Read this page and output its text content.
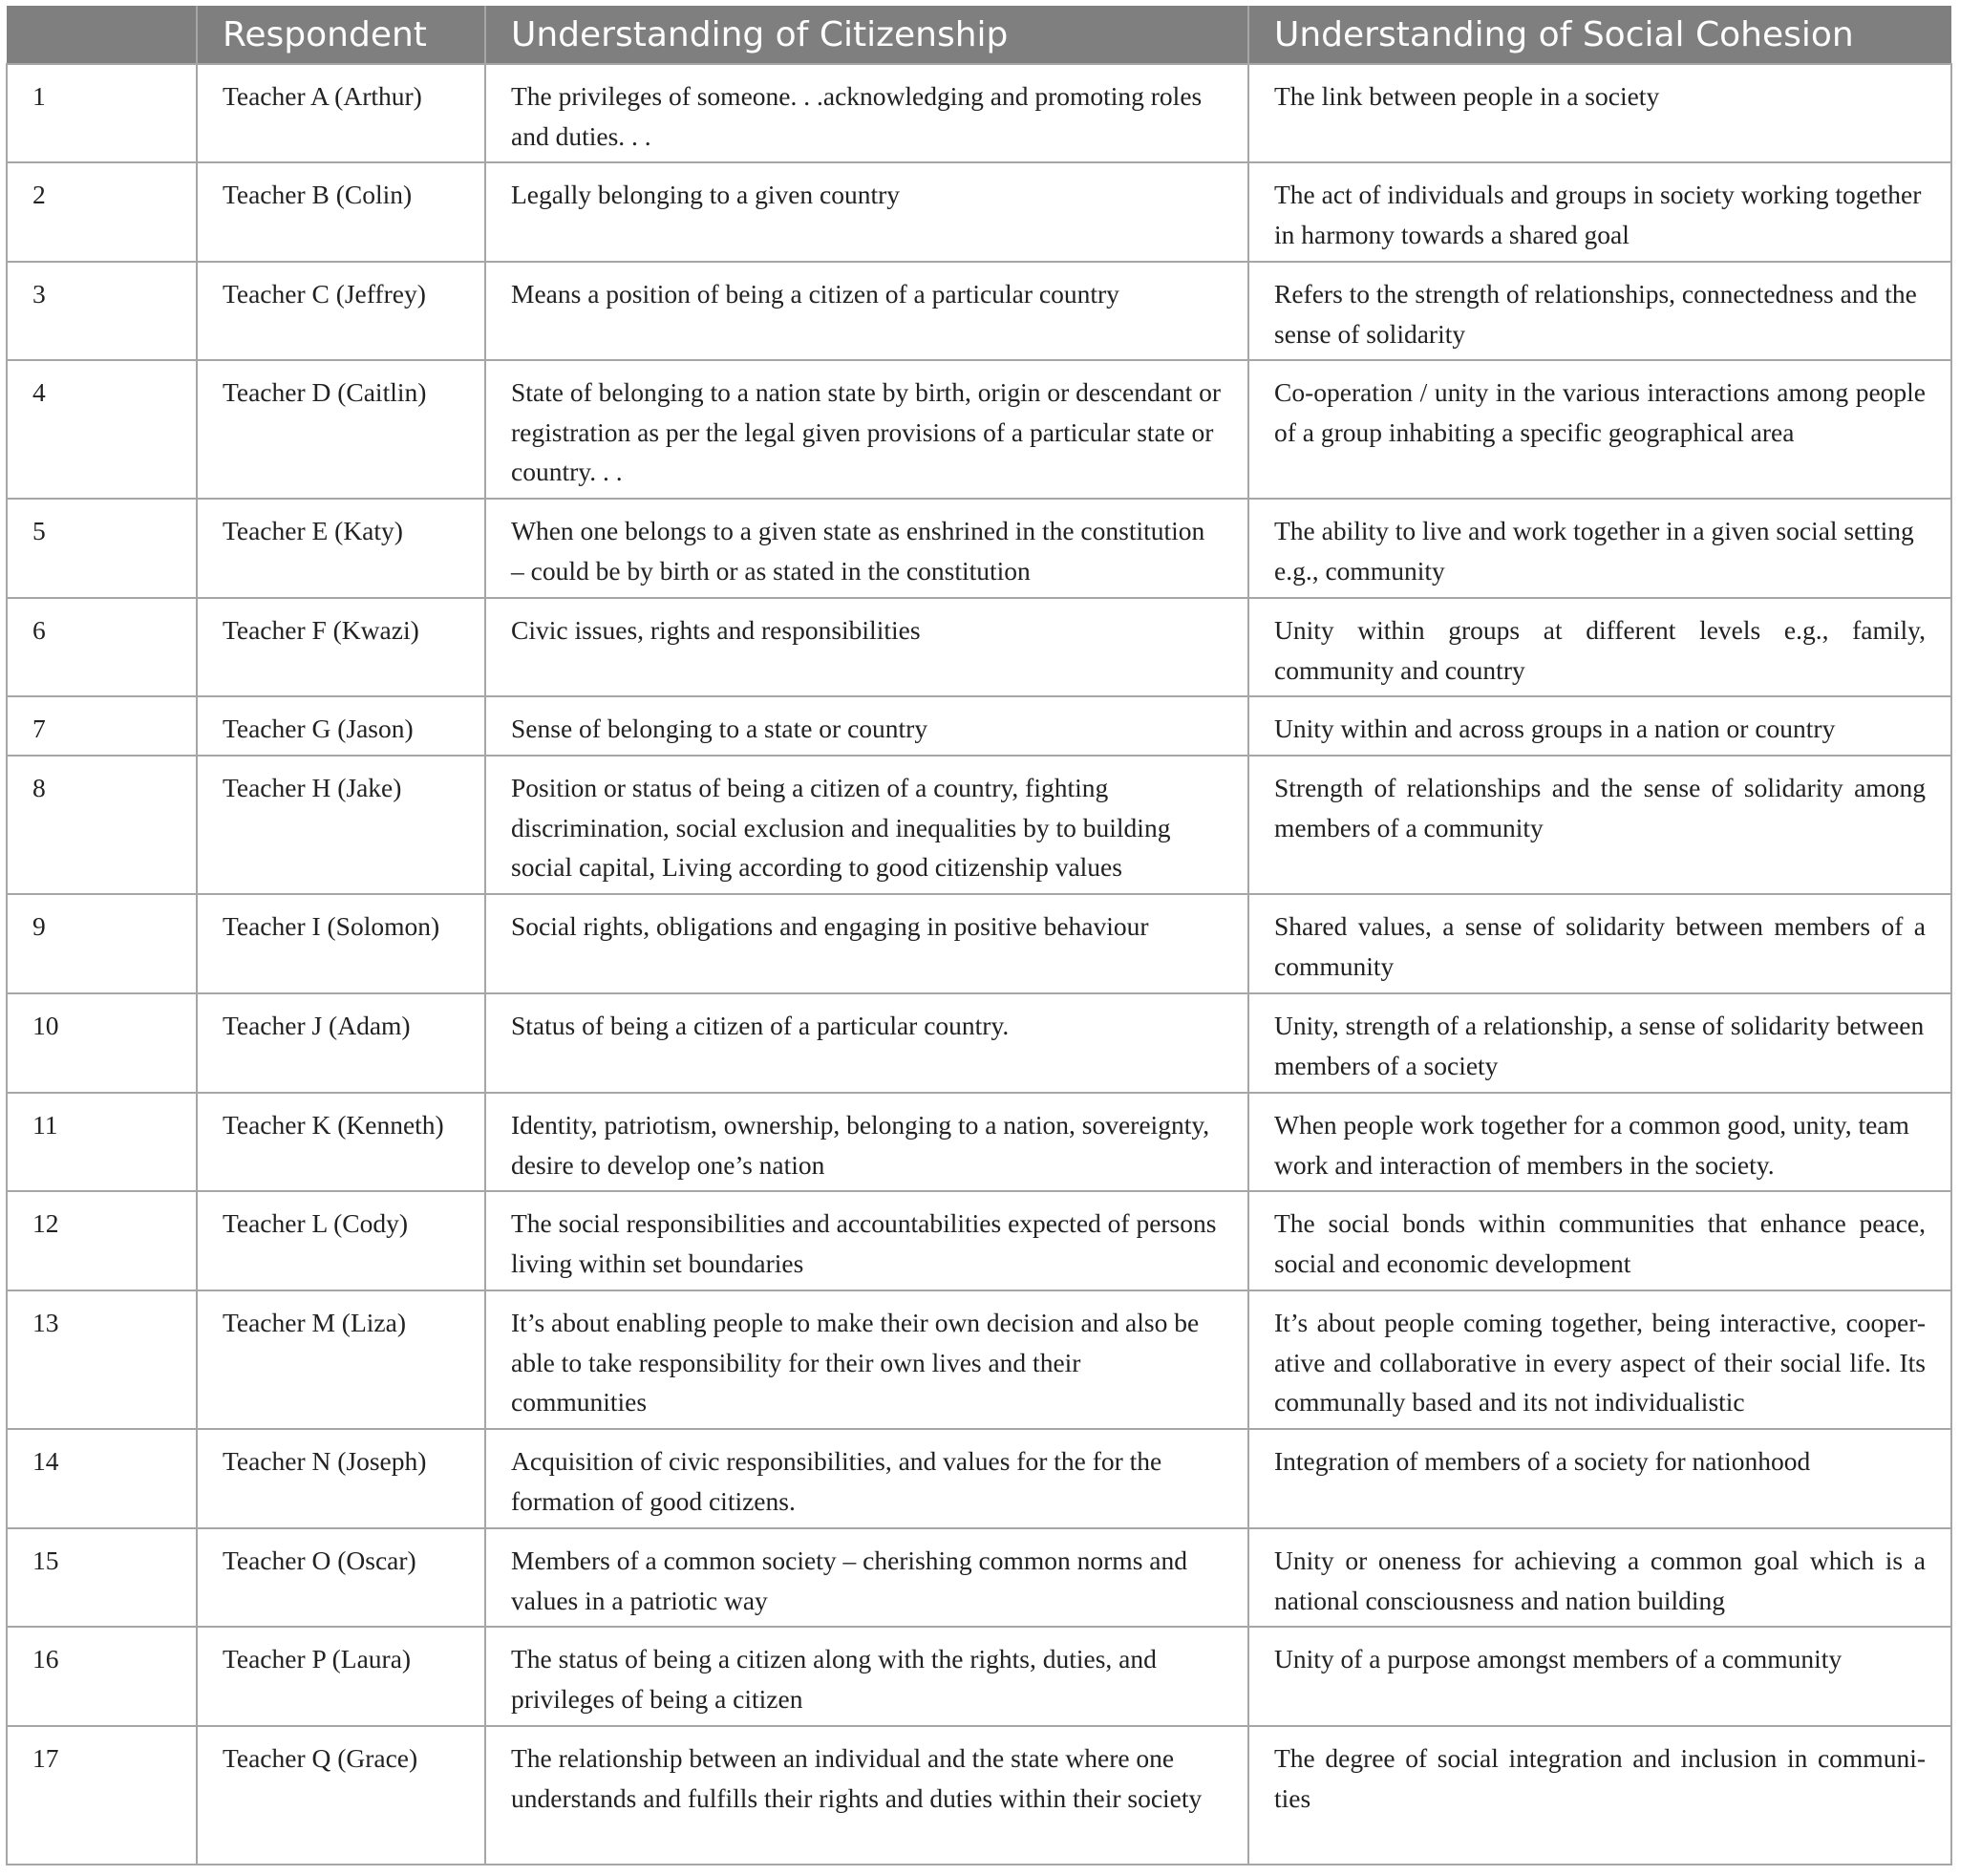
	Respondent	Understanding of Citizenship	Understanding of Social Cohesion
1	Teacher A (Arthur)	The privileges of someone. . .acknowledging and promoting roles and duties. . .	The link between people in a society
2	Teacher B (Colin)	Legally belonging to a given country	The act of individuals and groups in society working together in harmony towards a shared goal
3	Teacher C (Jeffrey)	Means a position of being a citizen of a particular country	Refers to the strength of relationships, connectedness and the sense of solidarity
4	Teacher D (Caitlin)	State of belonging to a nation state by birth, origin or descendant or registration as per the legal given provisions of a particular state or country. . .	Co-operation / unity in the various interactions among people of a group inhabiting a specific geographical area
5	Teacher E (Katy)	When one belongs to a given state as enshrined in the constitution – could be by birth or as stated in the constitution	The ability to live and work together in a given social setting e.g., community
6	Teacher F (Kwazi)	Civic issues, rights and responsibilities	Unity within groups at different levels e.g., family, community and country
7	Teacher G (Jason)	Sense of belonging to a state or country	Unity within and across groups in a nation or country
8	Teacher H (Jake)	Position or status of being a citizen of a country, fighting discrimination, social exclusion and inequalities by to building social capital, Living according to good citizenship values	Strength of relationships and the sense of solidarity among members of a community
9	Teacher I (Solomon)	Social rights, obligations and engaging in positive behaviour	Shared values, a sense of solidarity between members of a community
10	Teacher J (Adam)	Status of being a citizen of a particular country.	Unity, strength of a relationship, a sense of solidarity between members of a society
11	Teacher K (Kenneth)	Identity, patriotism, ownership, belonging to a nation, sovereignty, desire to develop one’s nation	When people work together for a common good, unity, team work and interaction of members in the society.
12	Teacher L (Cody)	The social responsibilities and accountabilities expected of persons living within set boundaries	The social bonds within communities that enhance peace, social and economic development
13	Teacher M (Liza)	It’s about enabling people to make their own decision and also be able to take responsibility for their own lives and their communities	It’s about people coming together, being interactive, cooper-ative and collaborative in every aspect of their social life. Its communally based and its not individualistic
14	Teacher N (Joseph)	Acquisition of civic responsibilities, and values for the for the formation of good citizens.	Integration of members of a society for nationhood
15	Teacher O (Oscar)	Members of a common society – cherishing common norms and values in a patriotic way	Unity or oneness for achieving a common goal which is a national consciousness and nation building
16	Teacher P (Laura)	The status of being a citizen along with the rights, duties, and privileges of being a citizen	Unity of a purpose amongst members of a community
17	Teacher Q (Grace)	The relationship between an individual and the state where one understands and fulfills their rights and duties within their society	The degree of social integration and inclusion in communi-ties
